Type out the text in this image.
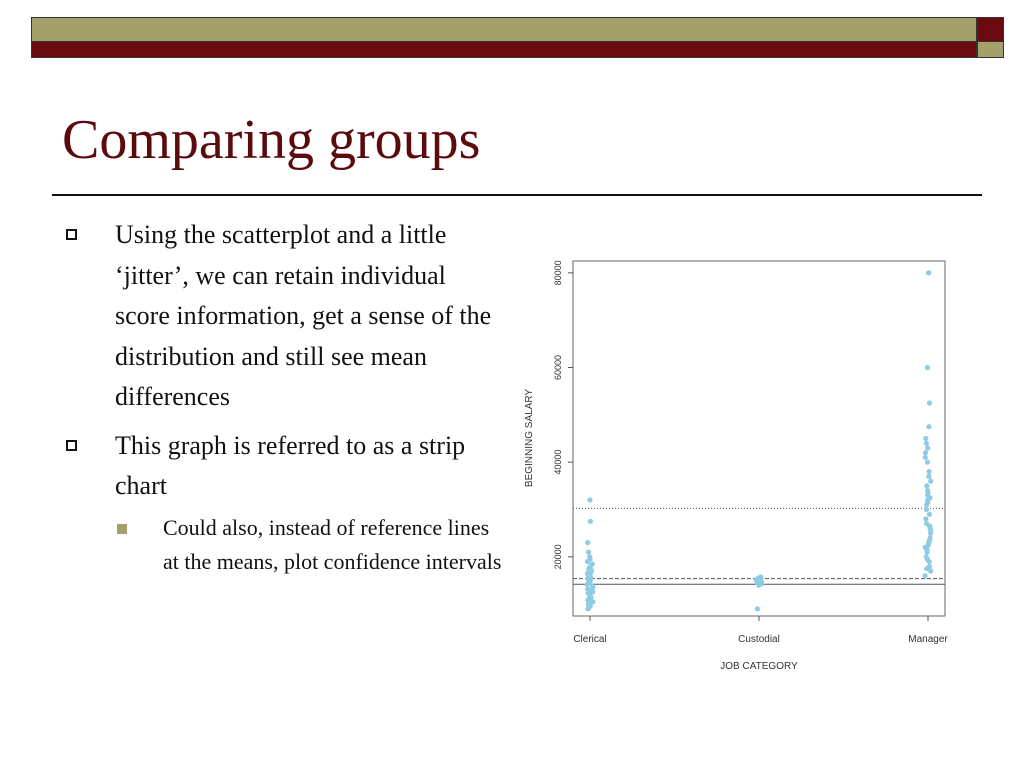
Comparing groups
Using the scatterplot and a little ‘jitter’, we can retain individual score information, get a sense of the distribution and still see mean differences
This graph is referred to as a strip chart
Could also, instead of reference lines at the means, plot confidence intervals	20000
40000
60000
80000
Clerical	Custodial	Manager
JOB CATEGORY
BEGINNING SALARY
